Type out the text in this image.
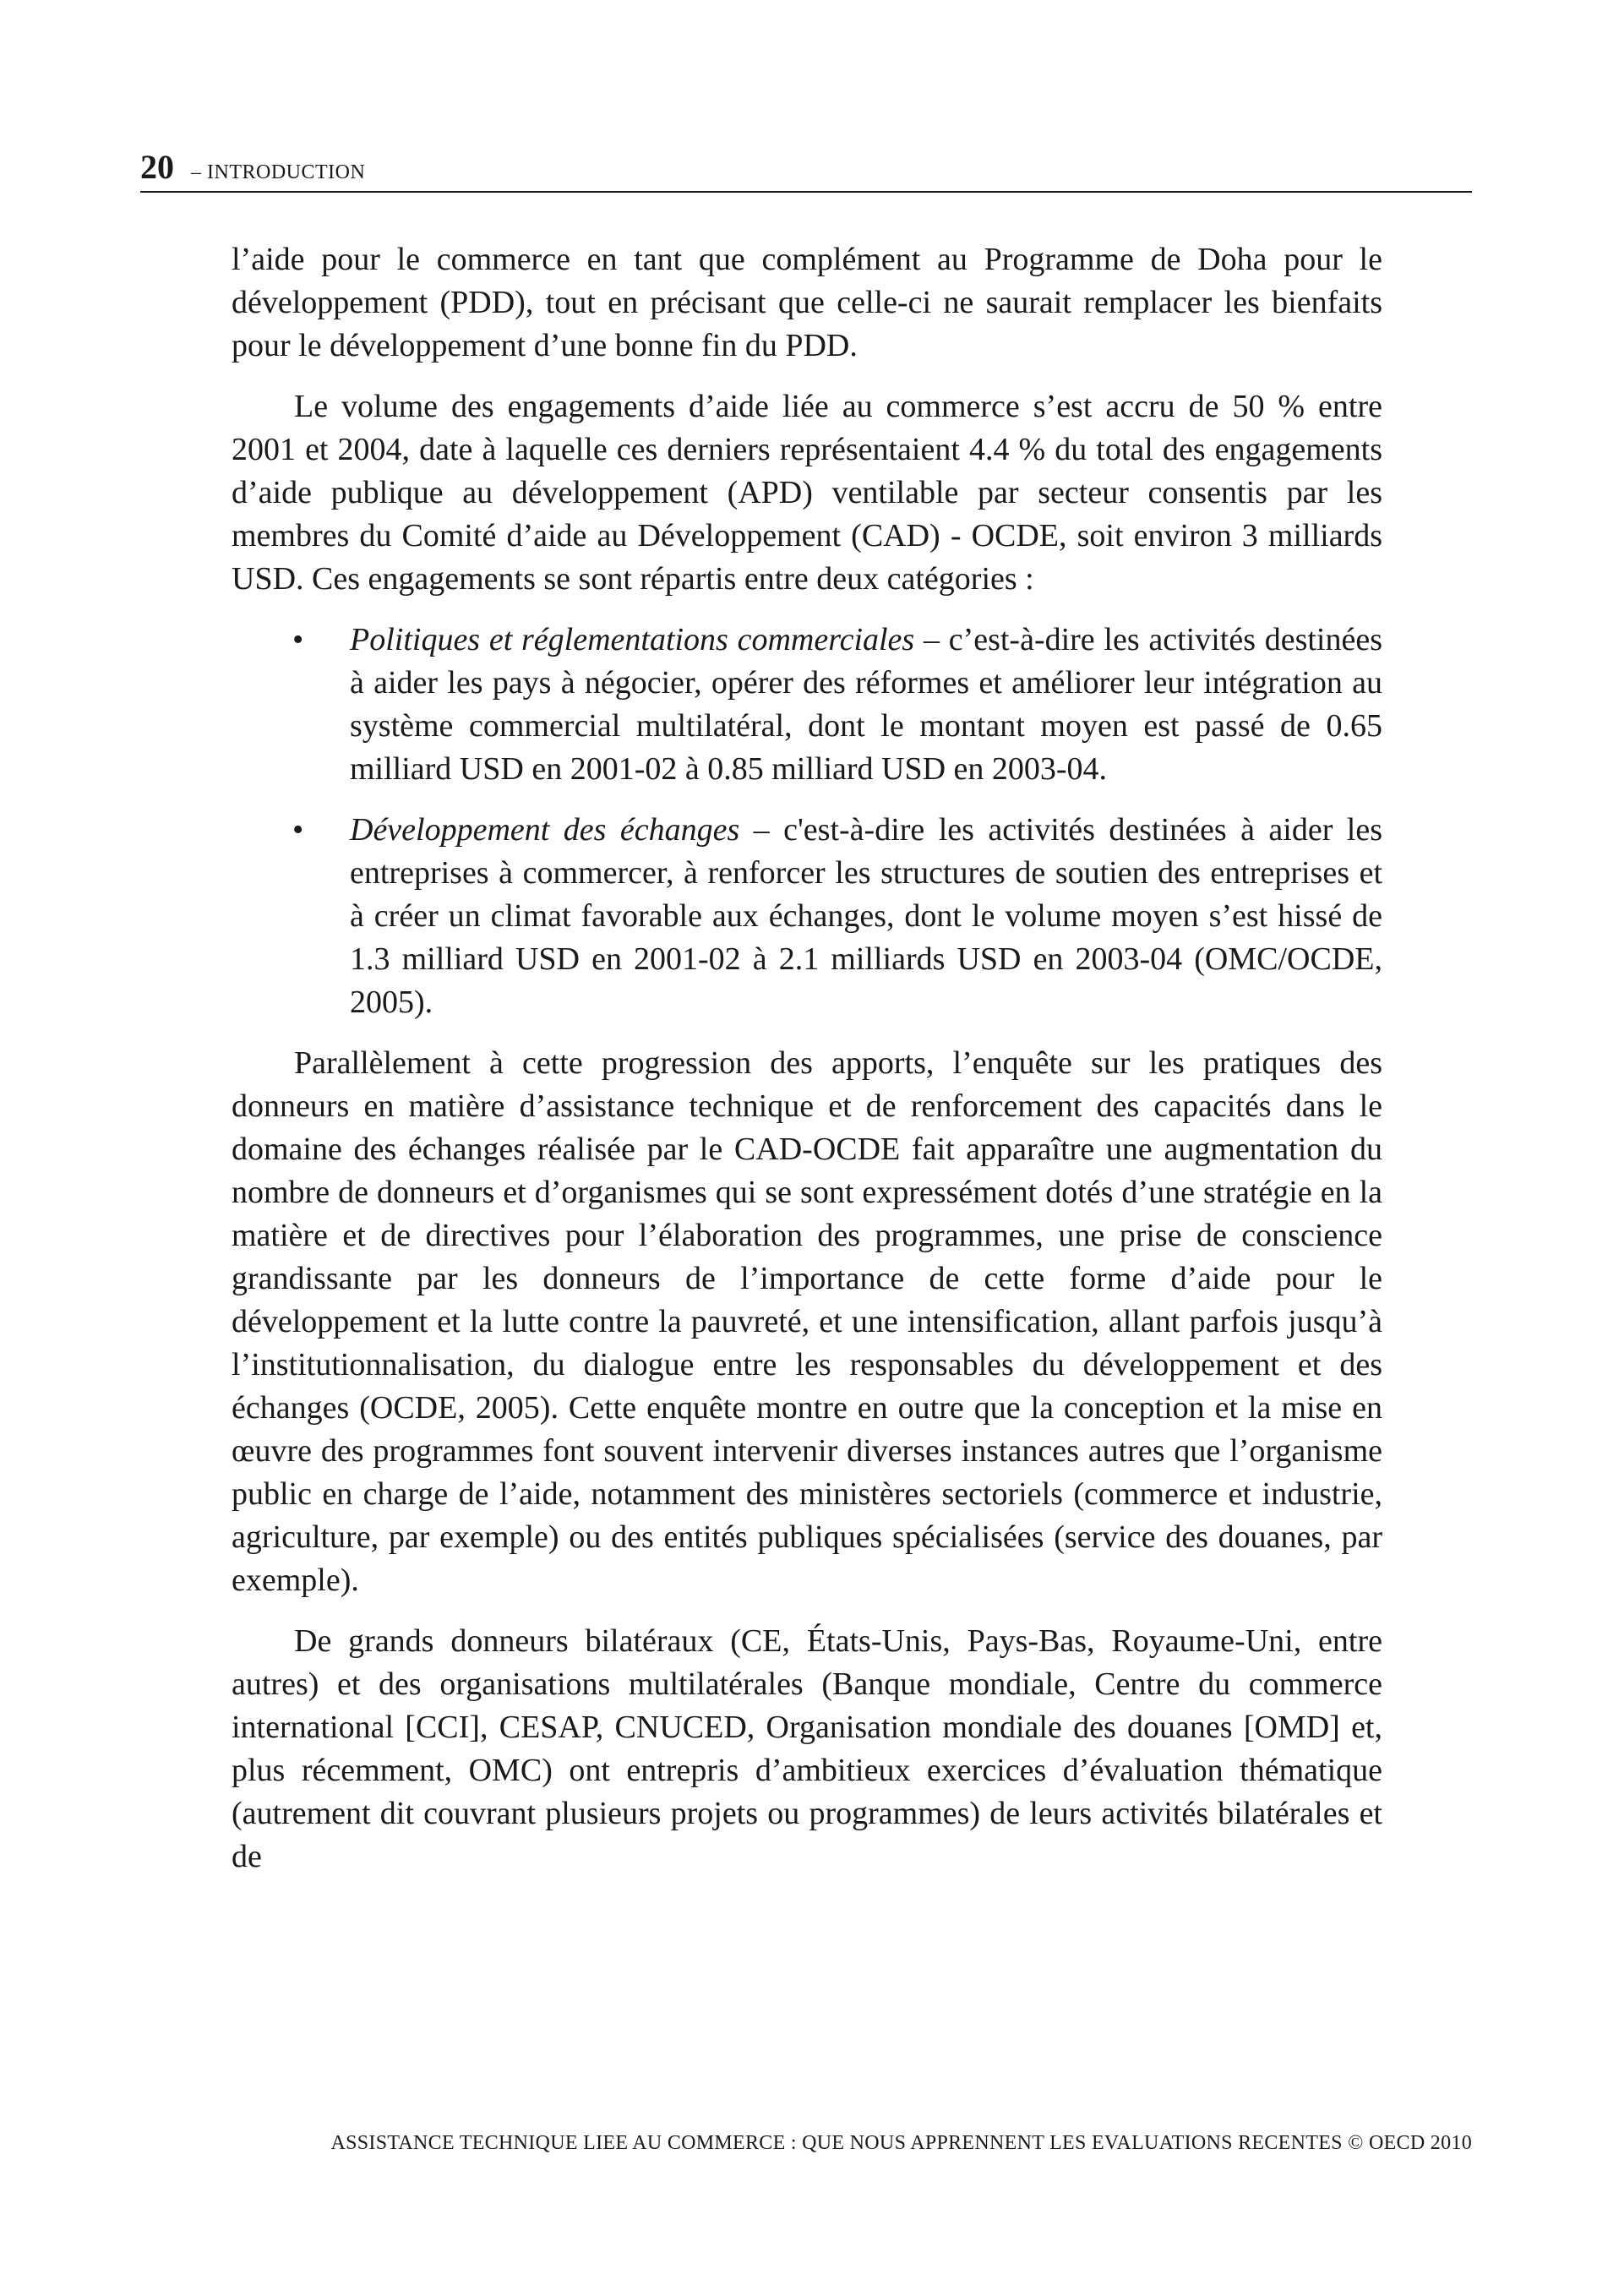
20 – INTRODUCTION

l’aide pour le commerce en tant que complément au Programme de Doha pour le développement (PDD), tout en précisant que celle-ci ne saurait remplacer les bienfaits pour le développement d’une bonne fin du PDD.

Le volume des engagements d’aide liée au commerce s’est accru de 50 % entre 2001 et 2004, date à laquelle ces derniers représentaient 4.4 % du total des engagements d’aide publique au développement (APD) ventilable par secteur consentis par les membres du Comité d’aide au Développement (CAD) - OCDE, soit environ 3 milliards USD. Ces engagements se sont répartis entre deux catégories :

• Politiques et réglementations commerciales – c’est-à-dire les activités destinées à aider les pays à négocier, opérer des réformes et améliorer leur intégration au système commercial multilatéral, dont le montant moyen est passé de 0.65 milliard USD en 2001-02 à 0.85 milliard USD en 2003-04.
• Développement des échanges – c'est-à-dire les activités destinées à aider les entreprises à commercer, à renforcer les structures de soutien des entreprises et à créer un climat favorable aux échanges, dont le volume moyen s’est hissé de 1.3 milliard USD en 2001-02 à 2.1 milliards USD en 2003-04 (OMC/OCDE, 2005).

Parallèlement à cette progression des apports, l’enquête sur les pratiques des donneurs en matière d’assistance technique et de renforcement des capacités dans le domaine des échanges réalisée par le CAD-OCDE fait apparaître une augmentation du nombre de donneurs et d’organismes qui se sont expressément dotés d’une stratégie en la matière et de directives pour l’élaboration des programmes, une prise de conscience grandissante par les donneurs de l’importance de cette forme d’aide pour le développement et la lutte contre la pauvreté, et une intensification, allant parfois jusqu’à l’institutionnalisation, du dialogue entre les responsables du développement et des échanges (OCDE, 2005). Cette enquête montre en outre que la conception et la mise en œuvre des programmes font souvent intervenir diverses instances autres que l’organisme public en charge de l’aide, notamment des ministères sectoriels (commerce et industrie, agriculture, par exemple) ou des entités publiques spécialisées (service des douanes, par exemple).

De grands donneurs bilatéraux (CE, États-Unis, Pays-Bas, Royaume-Uni, entre autres) et des organisations multilatérales (Banque mondiale, Centre du commerce international [CCI], CESAP, CNUCED, Organisation mondiale des douanes [OMD] et, plus récemment, OMC) ont entrepris d’ambitieux exercices d’évaluation thématique (autrement dit couvrant plusieurs projets ou programmes) de leurs activités bilatérales et de

ASSISTANCE TECHNIQUE LIEE AU COMMERCE : QUE NOUS APPRENNENT LES EVALUATIONS RECENTES © OECD 2010
